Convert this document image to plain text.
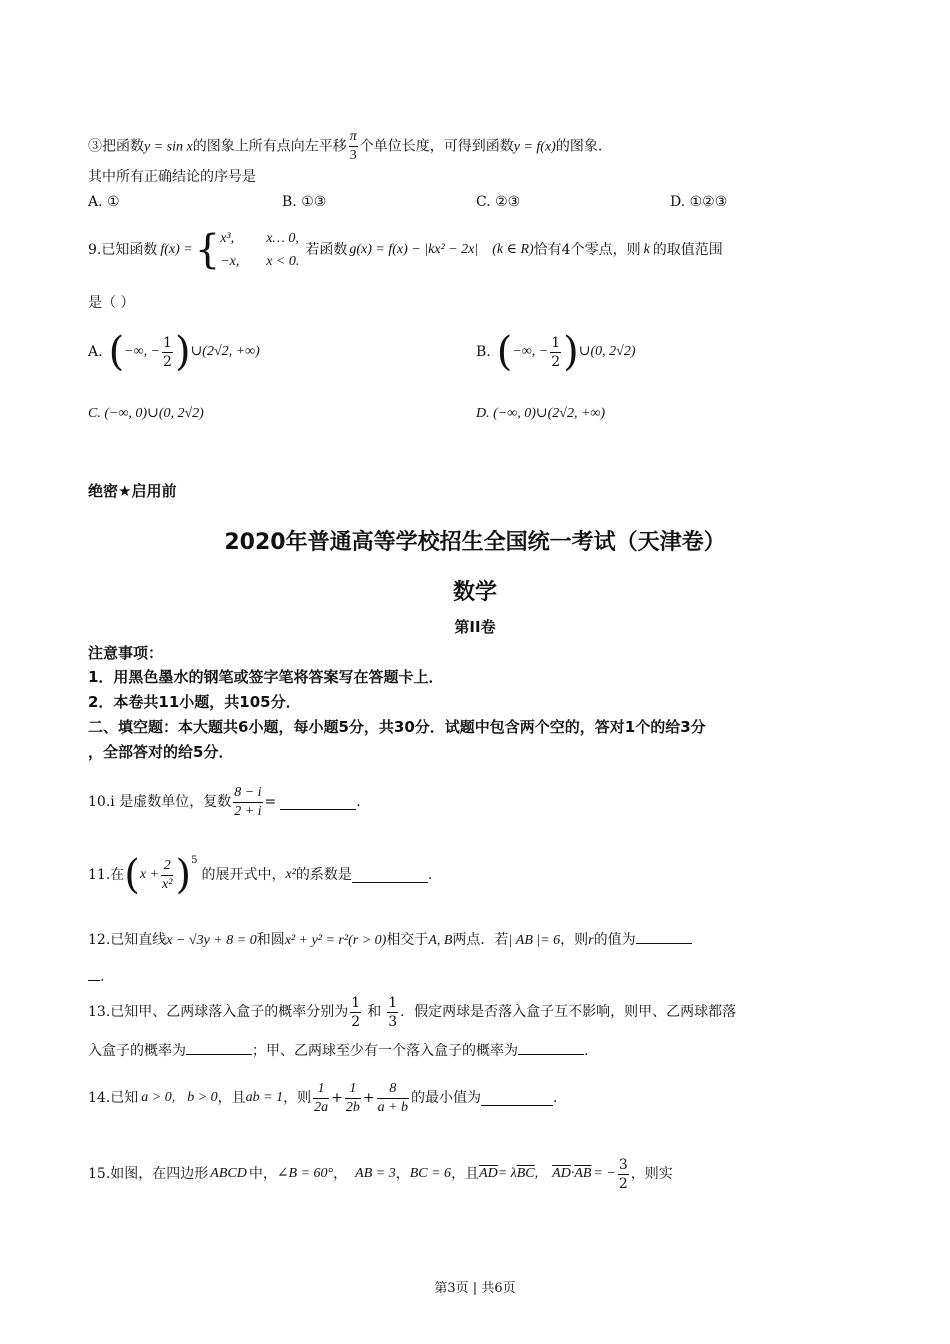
③把函数y = sin x的图象上所有点向左平移 $\frac{\pi}{3}$ 个单位长度，可得到函数y = f(x)的图象.
其中所有正确结论的序号是
A. ①	B. ①③	C. ②③	D. ①②③
9.已知函数 f(x) = { x³, x… 0,
−x, x < 0.
若函数 g(x) = f(x) − |kx² − 2x| (k ∈ R) 恰有4个零点，则 k 的取值范围
是（ ）
A. ( −∞, − $\frac{1}{2}$ ) ∪(2√2, +∞)	B. ( −∞, − $\frac{1}{2}$ ) ∪(0, 2√2)
C. (−∞, 0)∪(0, 2√2)	D. (−∞, 0)∪(2√2, +∞)
绝密★启用前
2020年普通高等学校招生全国统一考试（天津卷）
数学
第II卷
注意事项：
1．用黑色墨水的钢笔或签字笔将答案写在答题卡上．
2．本卷共11小题，共105分．
二、填空题：本大题共6小题，每小题5分，共30分．试题中包含两个空的，答对1个的给3分
，全部答对的给5分．
10.i 是虚数单位，复数 $\frac{8 - i}{2 + i}$ =	.
11.在 ( $x + \frac{2}{\text{x²}}$ ) 5
的展开式中， x² 的系数是	.
12.已知直线x − √3y + 8 = 0和圆x² + y² = r²(r > 0)相交于A, B两点．若| AB |= 6，则r的值为
.
13.已知甲、乙两球落入盒子的概率分别为 $\frac{1}{2}$ 和 $\frac{1}{3}$ ．假定两球是否落入盒子互不影响，则甲、乙两球都落
入盒子的概率为	；甲、乙两球至少有一个落入盒子的概率为	.
14.已知 a > 0, b > 0 ，且 ab = 1 ，则 $\frac{1}{2a} + \frac{1}{2b} + \frac{8}{a + b}$ 的最小值为	.
15.如图，在四边形 ABCD 中， ∠B = 60° ， AB = 3 ， BC = 6 ，且 $\overline{AD} = \lambda$ $\overline{BC}$ , $\overline{AD} \cdot \overline{AB}$ = − $\frac{3}{2}$ ，则实
第3页 | 共6页
